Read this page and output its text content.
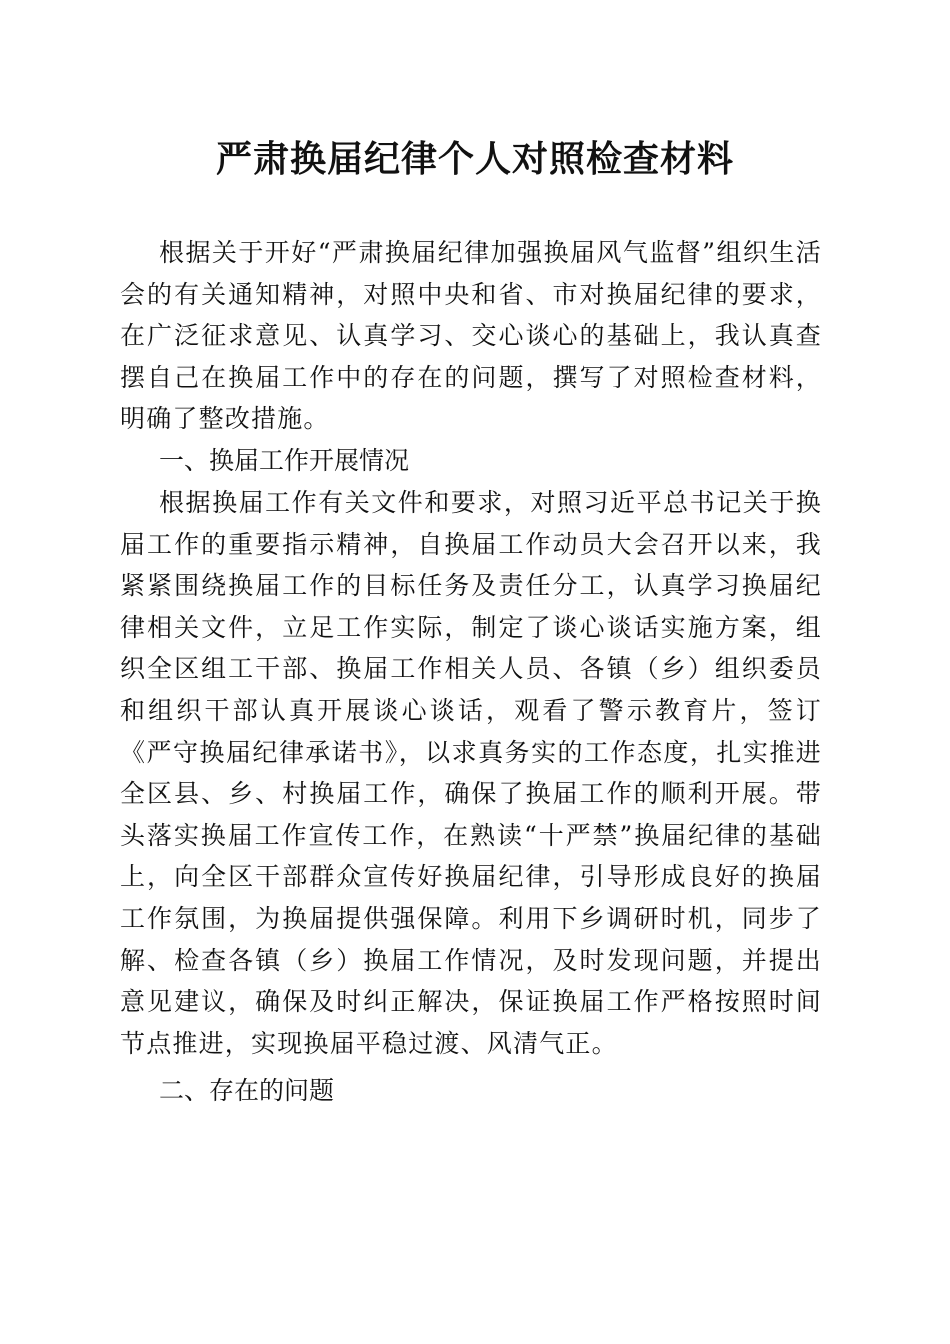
严肃换届纪律个人对照检查材料

根据关于开好“严肃换届纪律加强换届风气监督”组织生活会的有关通知精神，对照中央和省、市对换届纪律的要求，在广泛征求意见、认真学习、交心谈心的基础上，我认真查摆自己在换届工作中的存在的问题，撰写了对照检查材料，明确了整改措施。

一、换届工作开展情况

根据换届工作有关文件和要求，对照习近平总书记关于换届工作的重要指示精神，自换届工作动员大会召开以来，我紧紧围绕换届工作的目标任务及责任分工，认真学习换届纪律相关文件，立足工作实际，制定了谈心谈话实施方案，组织全区组工干部、换届工作相关人员、各镇（乡）组织委员和组织干部认真开展谈心谈话，观看了警示教育片，签订《严守换届纪律承诺书》，以求真务实的工作态度，扎实推进全区县、乡、村换届工作，确保了换届工作的顺利开展。带头落实换届工作宣传工作，在熟读“十严禁”换届纪律的基础上，向全区干部群众宣传好换届纪律，引导形成良好的换届工作氛围，为换届提供强保障。利用下乡调研时机，同步了解、检查各镇（乡）换届工作情况，及时发现问题，并提出意见建议，确保及时纠正解决，保证换届工作严格按照时间节点推进，实现换届平稳过渡、风清气正。

二、存在的问题
